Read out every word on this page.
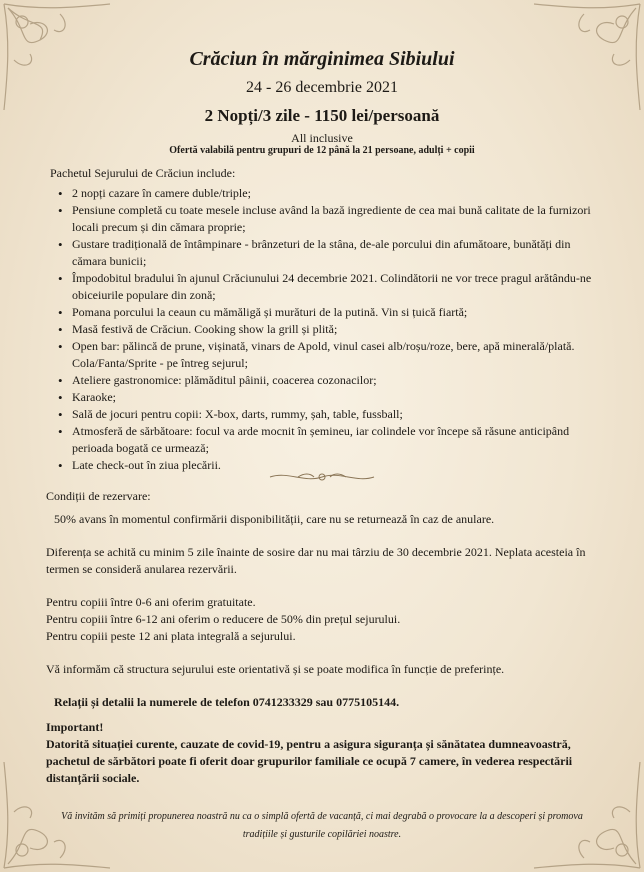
Crăciun în mărginimea Sibiului
24 - 26 decembrie 2021
2 Nopți/3 zile - 1150 lei/persoană
All inclusive
Ofertă valabilă pentru grupuri de 12 până la 21 persoane, adulți + copii

Pachetul Sejurului de Crăciun include:

• 2 nopți cazare în camere duble/triple;
• Pensiune completă cu toate mesele incluse având la bază ingrediente de cea mai bună calitate de la furnizori locali precum și din cămara proprie;
• Gustare tradițională de întâmpinare - brânzeturi de la stâna, de-ale porcului din afumătoare, bunătăți din cămara bunicii;
• Împodobitul bradului în ajunul Crăciunului 24 decembrie 2021. Colindătorii ne vor trece pragul arătându-ne obiceiurile populare din zonă;
• Pomana porcului la ceaun cu mămăligă și murături de la putină. Vin si țuică fiartă;
• Masă festivă de Crăciun. Cooking show la grill și plită;
• Open bar: pălincă de prune, vișinată, vinars de Apold, vinul casei alb/roșu/roze, bere, apă minerală/plată. Cola/Fanta/Sprite - pe întreg sejurul;
• Ateliere gastronomice: plămăditul pâinii, coacerea cozonacilor;
• Karaoke;
• Sală de jocuri pentru copii: X-box, darts, rummy, șah, table, fussball;
• Atmosferă de sărbătoare: focul va arde mocnit în șemineu, iar colindele vor începe să răsune anticipând perioada bogată ce urmează;
• Late check-out în ziua plecării.

Condiții de rezervare:

50% avans în momentul confirmării disponibilității, care nu se returnează în caz de anulare.

Diferența se achită cu minim 5 zile înainte de sosire dar nu mai târziu de 30 decembrie 2021. Neplata acesteia în termen se consideră anularea rezervării.

Pentru copiii între 0-6 ani oferim gratuitate.

Pentru copiii între 6-12 ani oferim o reducere de 50% din prețul sejurului.

Pentru copiii peste 12 ani plata integrală a sejurului.

Vă informăm că structura sejurului este orientativă și se poate modifica în funcție de preferințe.

Relații și detalii la numerele de telefon 0741233329 sau 0775105144.

Important!

Datorită situației curente, cauzate de covid-19, pentru a asigura siguranța și sănătatea dumneavoastră, pachetul de sărbători poate fi oferit doar grupurilor familiale ce ocupă 7 camere, în vederea respectării distanțării sociale.

Vă invităm să primiți propunerea noastră nu ca o simplă ofertă de vacanță, ci mai degrabă o provocare la a descoperi și promova tradițiile și gusturile copilăriei noastre.
